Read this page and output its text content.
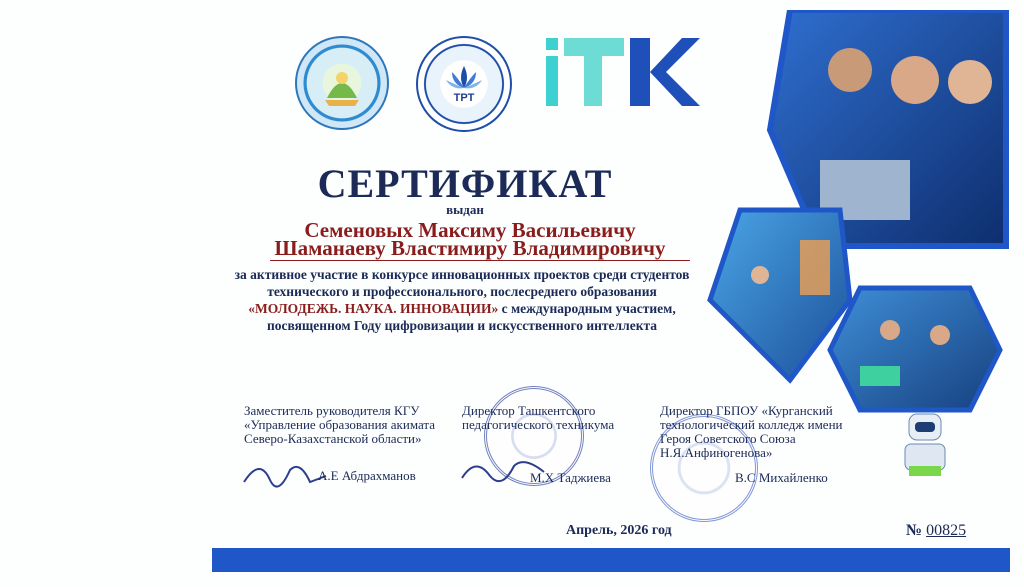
TPT
СЕРТИФИКАТ
выдан
Семеновых Максиму Васильевичу
Шаманаеву Властимиру Владимировичу
за активное участие в конкурсе инновационных проектов среди студентов технического и профессионального, послесреднего образования «МОЛОДЕЖЬ. НАУКА. ИННОВАЦИИ» с международным участием, посвященном Году цифровизации и искусственного интеллекта
Заместитель руководителя КГУ «Управление образования акимата Северо-Казахстанской области»
Директор Ташкентского педагогического техникума
Директор ГБПОУ «Курганский технологический колледж имени Героя Советского Союза Н.Я.Анфиногенова»
А.Е Абдрахманов	М.Х Таджиева	В.С Михайленко
Апрель, 2026 год	№ 00825
